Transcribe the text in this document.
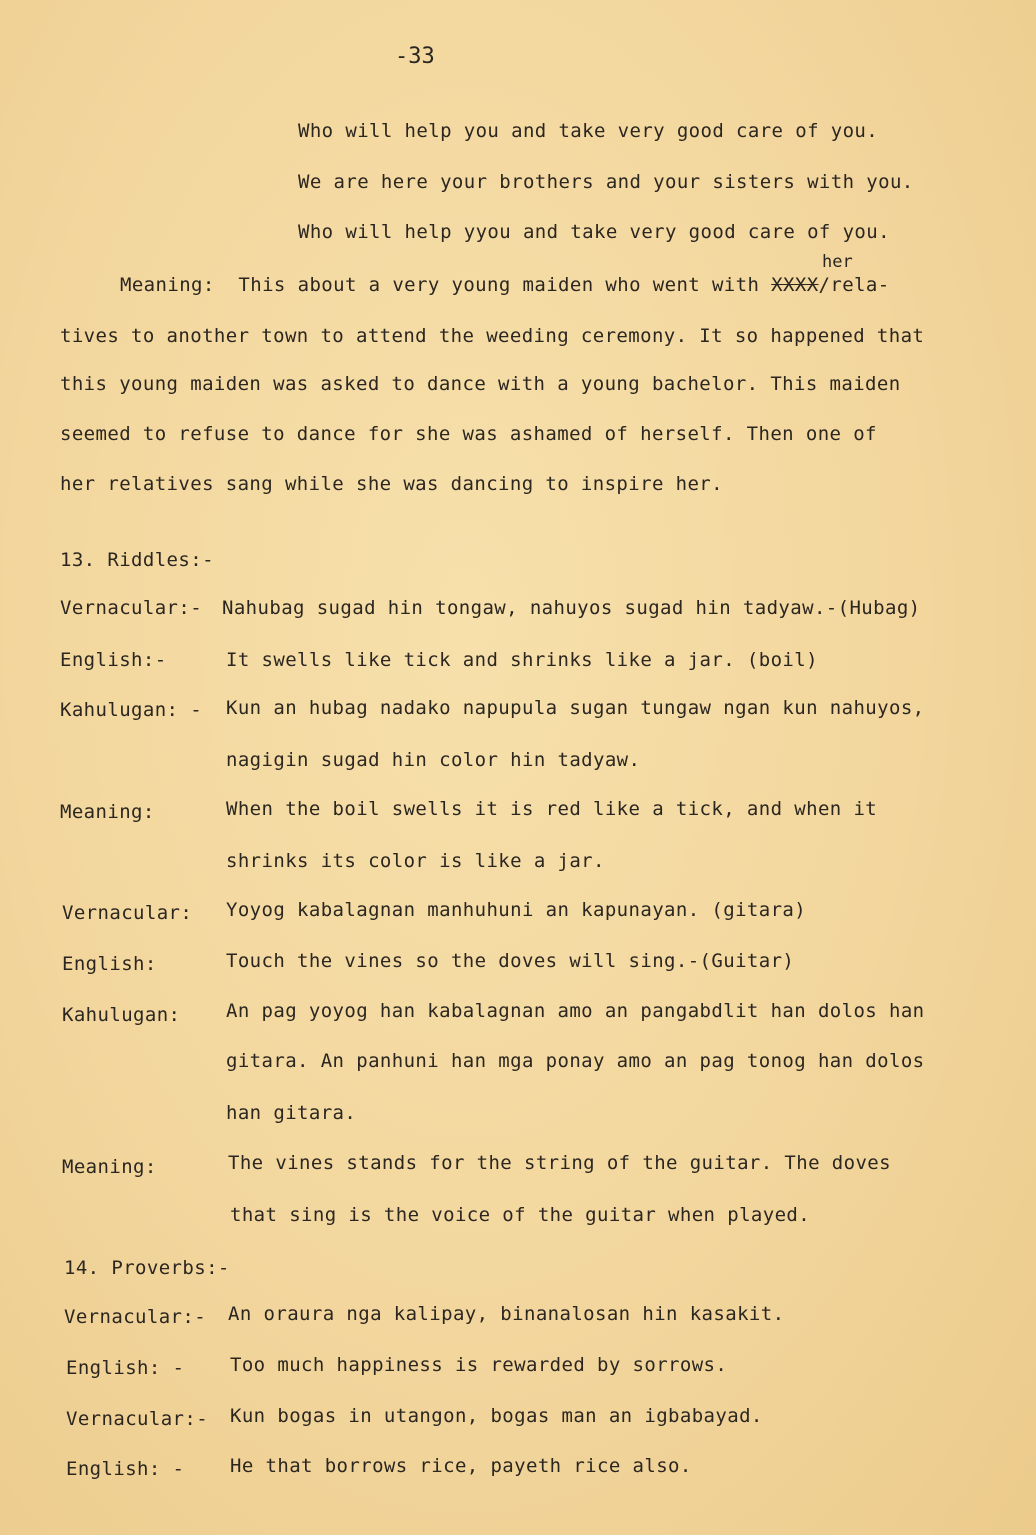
-33
Who will help you and take very good care of you.
We are here your brothers and your sisters with you.
Who will help yyou and take very good care of you.
her
Meaning: This about a very young maiden who went with XXXX/rela-
tives to another town to attend the weeding ceremony. It so happened that
this young maiden was asked to dance with a young bachelor. This maiden
seemed to refuse to dance for she was ashamed of herself. Then one of
her relatives sang while she was dancing to inspire her.
13. Riddles:-
Vernacular:- Nahubag sugad hin tongaw, nahuyos sugad hin tadyaw.-(Hubag)
English:-	It swells like tick and shrinks like a jar. (boil)
Kahulugan: - Kun an hubag nadako napupula sugan tungaw ngan kun nahuyos,
nagigin sugad hin color hin tadyaw.
Meaning:	When the boil swells it is red like a tick, and when it
shrinks its color is like a jar.
Vernacular: Yoyog kabalagnan manhuhuni an kapunayan. (gitara)
English:	Touch the vines so the doves will sing.-(Guitar)
Kahulugan: An pag yoyog han kabalagnan amo an pangabdlit han dolos han
gitara. An panhuni han mga ponay amo an pag tonog han dolos
han gitara.
Meaning:	The vines stands for the string of the guitar. The doves
that sing is the voice of the guitar when played.
14. Proverbs:-
Vernacular:- An oraura nga kalipay, binanalosan hin kasakit.
English: - Too much happiness is rewarded by sorrows.
Vernacular:- Kun bogas in utangon, bogas man an igbabayad.
English: - He that borrows rice, payeth rice also.
